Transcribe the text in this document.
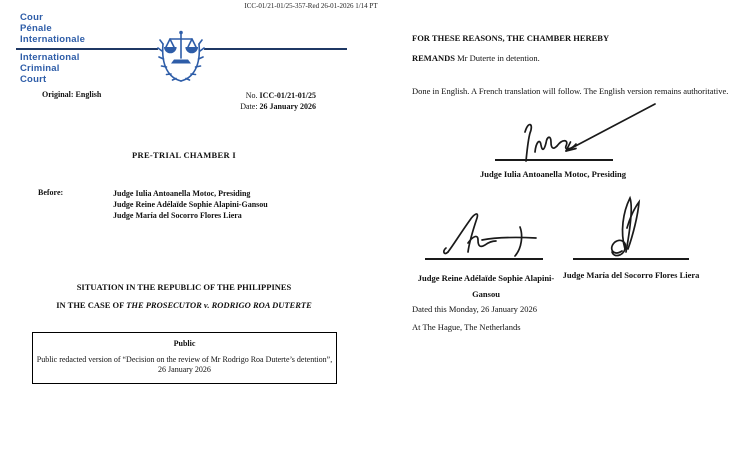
ICC-01/21-01/25-357-Red 26-01-2026 1/14 PT
Cour
Pénale
Internationale
International
Criminal
Court
Original: English	No. ICC-01/21-01/25
Date: 26 January 2026
PRE-TRIAL CHAMBER I
Before:	Judge Iulia Antoanella Motoc, Presiding
Judge Reine Adélaïde Sophie Alapini-Gansou
Judge María del Socorro Flores Liera
SITUATION IN THE REPUBLIC OF THE PHILIPPINES
IN THE CASE OF THE PROSECUTOR v. RODRIGO ROA DUTERTE
Public
Public redacted version of “Decision on the review of Mr Rodrigo Roa Duterte’s detention”,
26 January 2026
FOR THESE REASONS, THE CHAMBER HEREBY
REMANDS Mr Duterte in detention.
Done in English. A French translation will follow. The English version remains authoritative.
Judge Iulia Antoanella Motoc, Presiding
Judge Reine Adélaïde Sophie Alapini-
Gansou
Judge María del Socorro Flores Liera
Dated this Monday, 26 January 2026
At The Hague, The Netherlands
